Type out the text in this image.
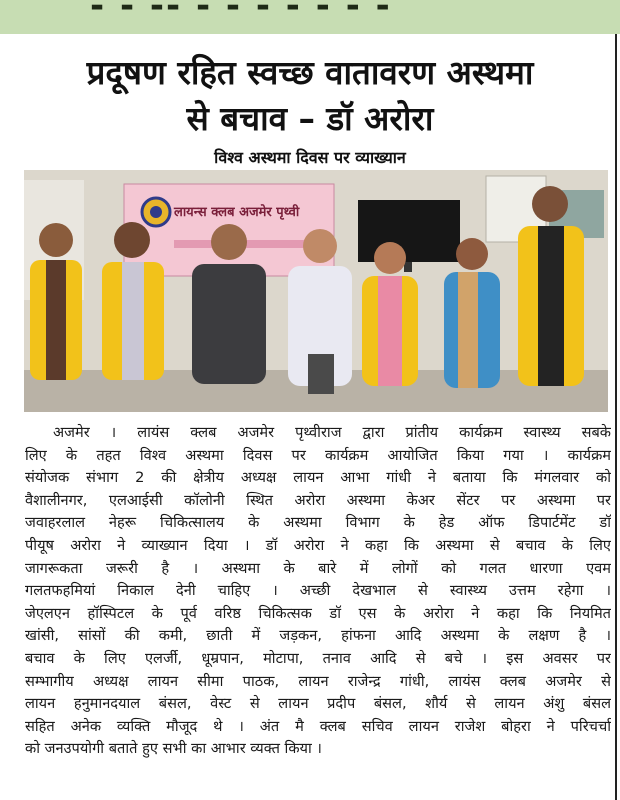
- - -- - - - - - - -
प्रदूषण रहित स्वच्छ वातावरण अस्थमा
से बचाव – डॉ अरोरा
विश्व अस्थमा दिवस पर व्याख्यान
लायन्स क्लब अजमेर पृथ्वी
अजमेर । लायंस क्लब अजमेर पृथ्वीराज द्वारा प्रांतीय कार्यक्रम स्वास्थ्य सबके
लिए के तहत विश्व अस्थमा दिवस पर कार्यक्रम आयोजित किया गया । कार्यक्रम
संयोजक संभाग 2 की क्षेत्रीय अध्यक्ष लायन आभा गांधी ने बताया कि मंगलवार को
वैशालीनगर, एलआईसी कॉलोनी स्थित अरोरा अस्थमा केअर सेंटर पर अस्थमा पर
जवाहरलाल नेहरू चिकित्सालय के अस्थमा विभाग के हेड ऑफ डिपार्टमेंट डॉ
पीयूष अरोरा ने व्याख्यान दिया । डॉ अरोरा ने कहा कि अस्थमा से बचाव के लिए
जागरूकता जरूरी है । अस्थमा के बारे में लोगों को गलत धारणा एवम
गलतफहमियां निकाल देनी चाहिए । अच्छी देखभाल से स्वास्थ्य उत्तम रहेगा ।
जेएलएन हॉस्पिटल के पूर्व वरिष्ठ चिकित्सक डॉ एस के अरोरा ने कहा कि नियमित
खांसी, सांसों की कमी, छाती में जड़कन, हांफना आदि अस्थमा के लक्षण है ।
बचाव के लिए एलर्जी, धूम्रपान, मोटापा, तनाव आदि से बचे । इस अवसर पर
सम्भागीय अध्यक्ष लायन सीमा पाठक, लायन राजेन्द्र गांधी, लायंस क्लब अजमेर से
लायन हनुमानदयाल बंसल, वेस्ट से लायन प्रदीप बंसल, शौर्य से लायन अंशु बंसल
सहित अनेक व्यक्ति मौजूद थे । अंत मै क्लब सचिव लायन राजेश बोहरा ने परिचर्चा
को जनउपयोगी बताते हुए सभी का आभार व्यक्त किया ।
